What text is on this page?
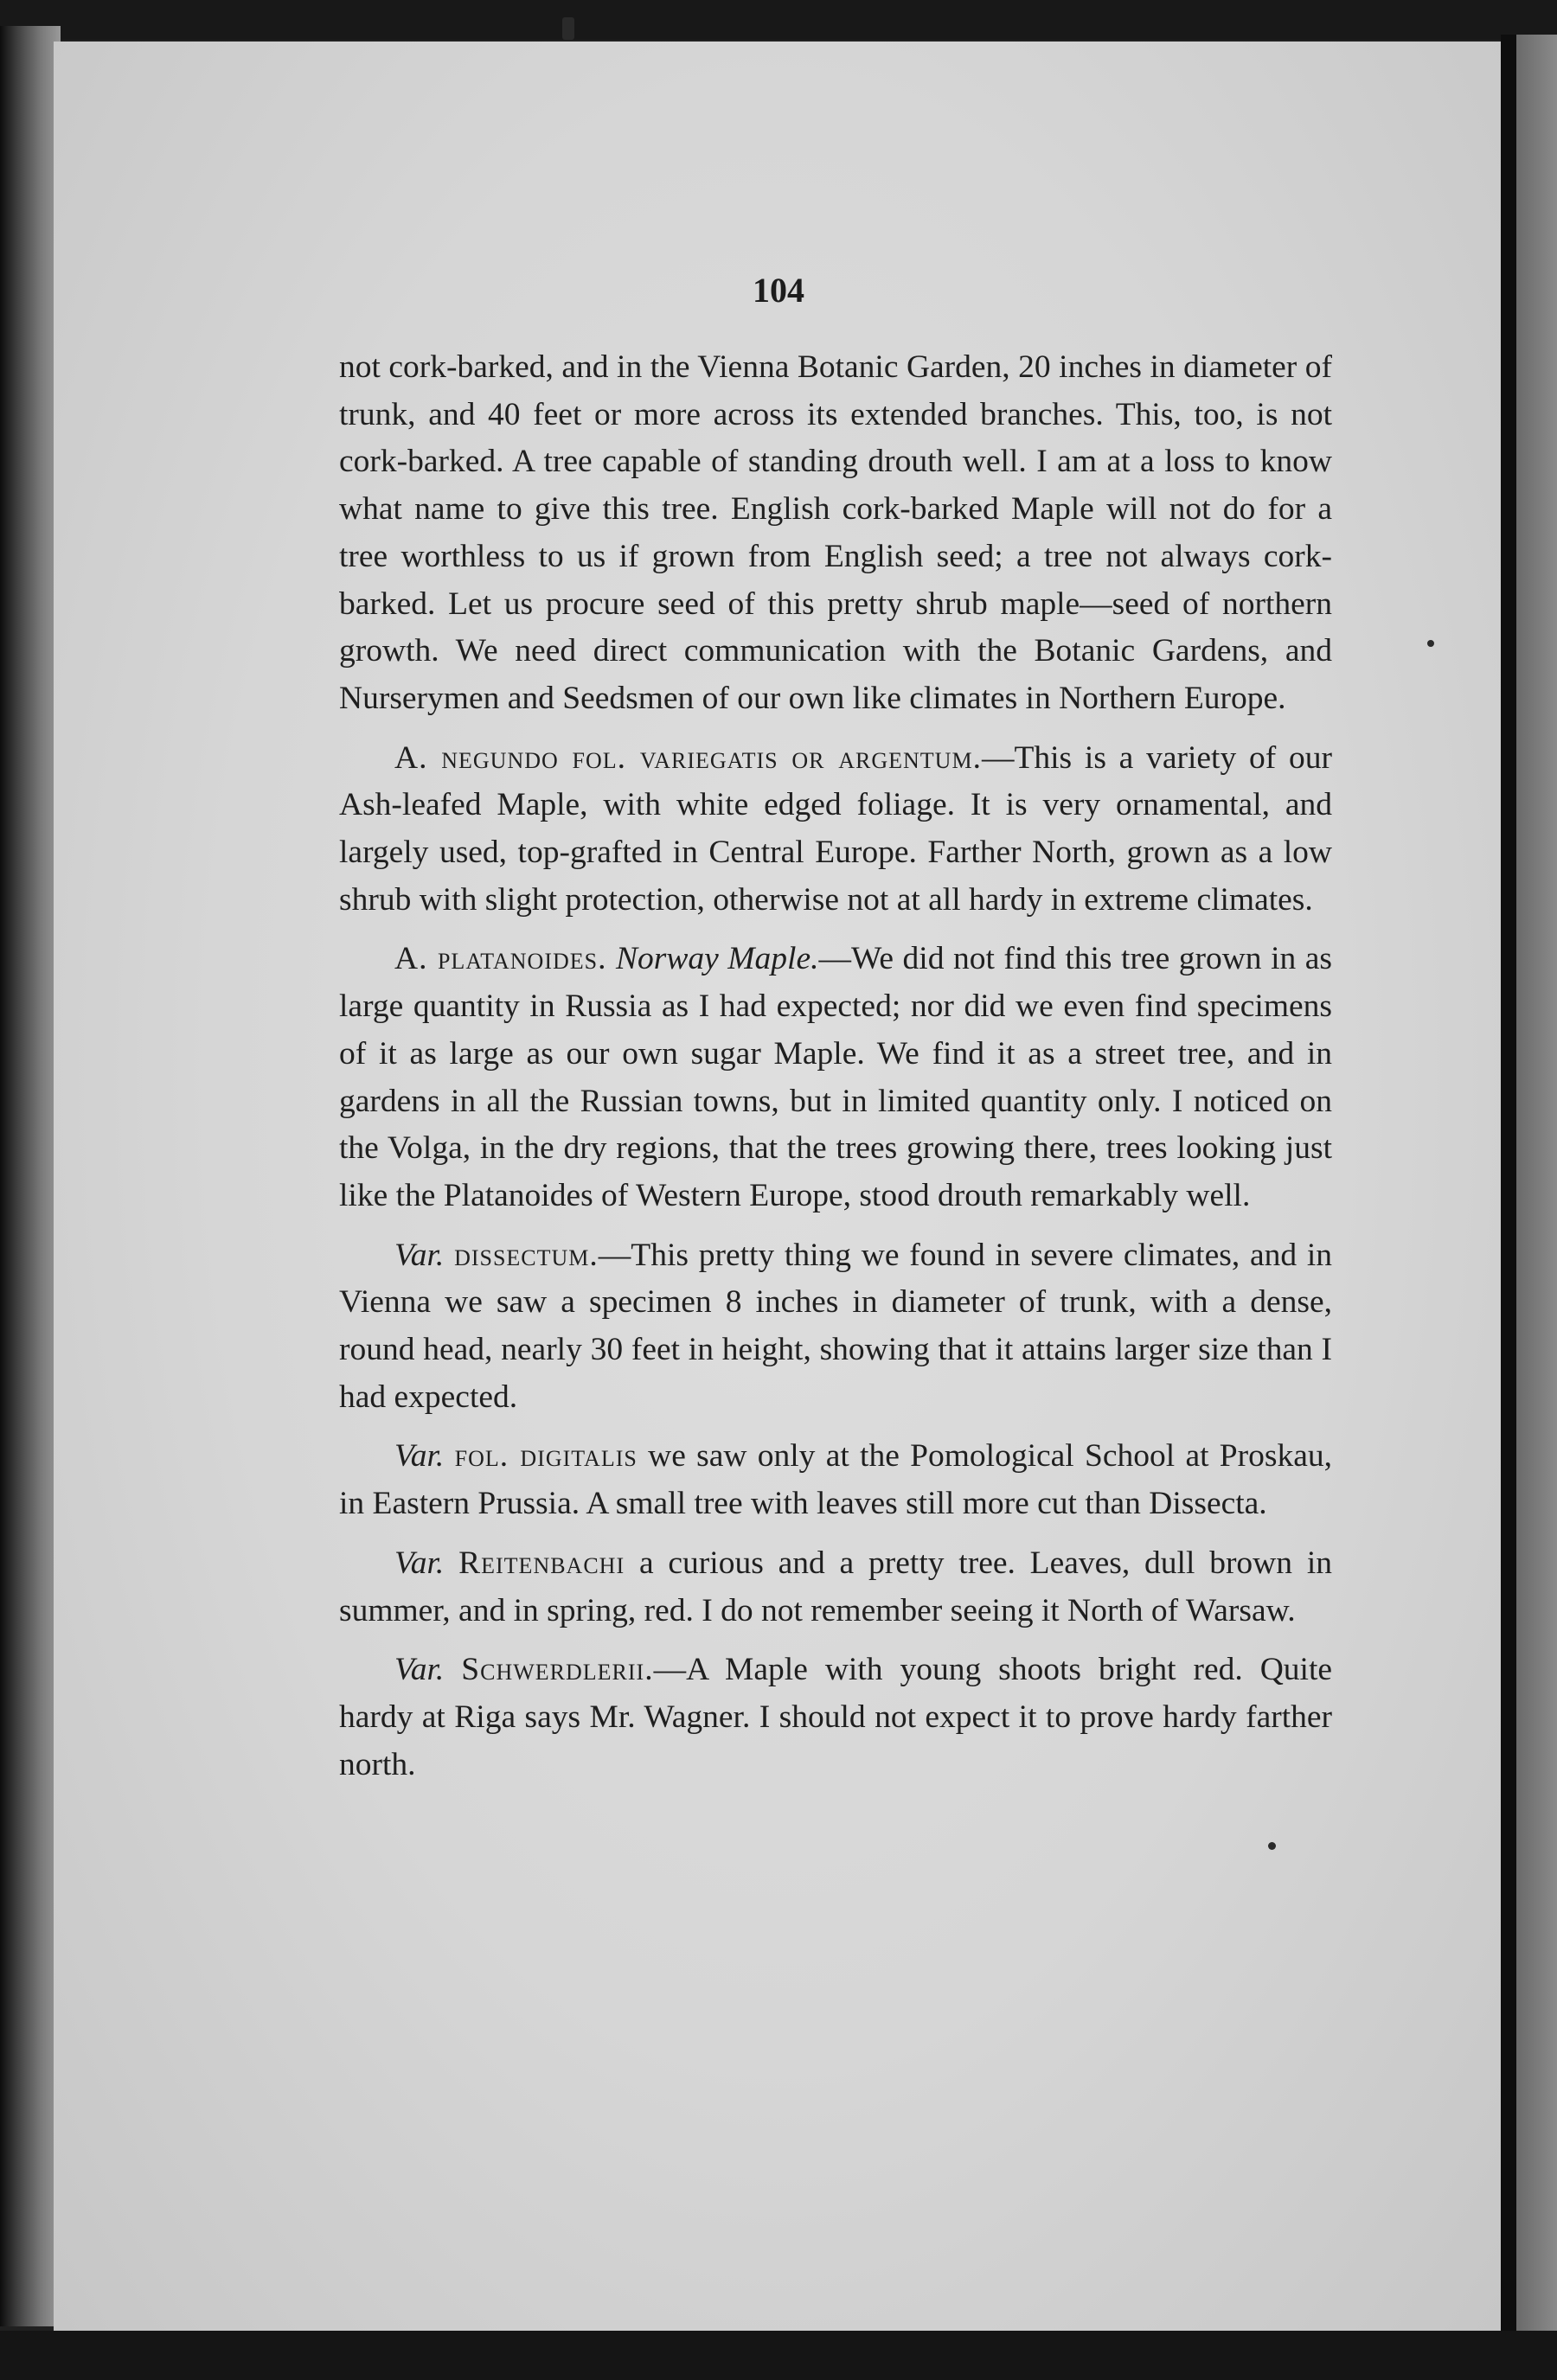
104

not cork-barked, and in the Vienna Botanic Garden, 20 inches in diameter of trunk, and 40 feet or more across its extended branches. This, too, is not cork-barked. A tree capable of standing drouth well. I am at a loss to know what name to give this tree. English cork-barked Maple will not do for a tree worthless to us if grown from English seed; a tree not always cork-barked. Let us procure seed of this pretty shrub maple—seed of northern growth. We need direct communication with the Botanic Gardens, and Nurserymen and Seedsmen of our own like climates in Northern Europe.

A. negundo fol. variegatis or argentum.—This is a variety of our Ash-leafed Maple, with white edged foliage. It is very ornamental, and largely used, top-grafted in Central Europe. Farther North, grown as a low shrub with slight protection, otherwise not at all hardy in extreme climates.

A. platanoides. Norway Maple.—We did not find this tree grown in as large quantity in Russia as I had expected; nor did we even find specimens of it as large as our own sugar Maple. We find it as a street tree, and in gardens in all the Russian towns, but in limited quantity only. I noticed on the Volga, in the dry regions, that the trees growing there, trees looking just like the Platanoides of Western Europe, stood drouth remarkably well.

Var. dissectum.—This pretty thing we found in severe climates, and in Vienna we saw a specimen 8 inches in diameter of trunk, with a dense, round head, nearly 30 feet in height, showing that it attains larger size than I had expected.

Var. fol. digitalis we saw only at the Pomological School at Proskau, in Eastern Prussia. A small tree with leaves still more cut than Dissecta.

Var. Reitenbachi a curious and a pretty tree. Leaves, dull brown in summer, and in spring, red. I do not remember seeing it North of Warsaw.

Var. Schwerdlerii.—A Maple with young shoots bright red. Quite hardy at Riga says Mr. Wagner. I should not expect it to prove hardy farther north.
